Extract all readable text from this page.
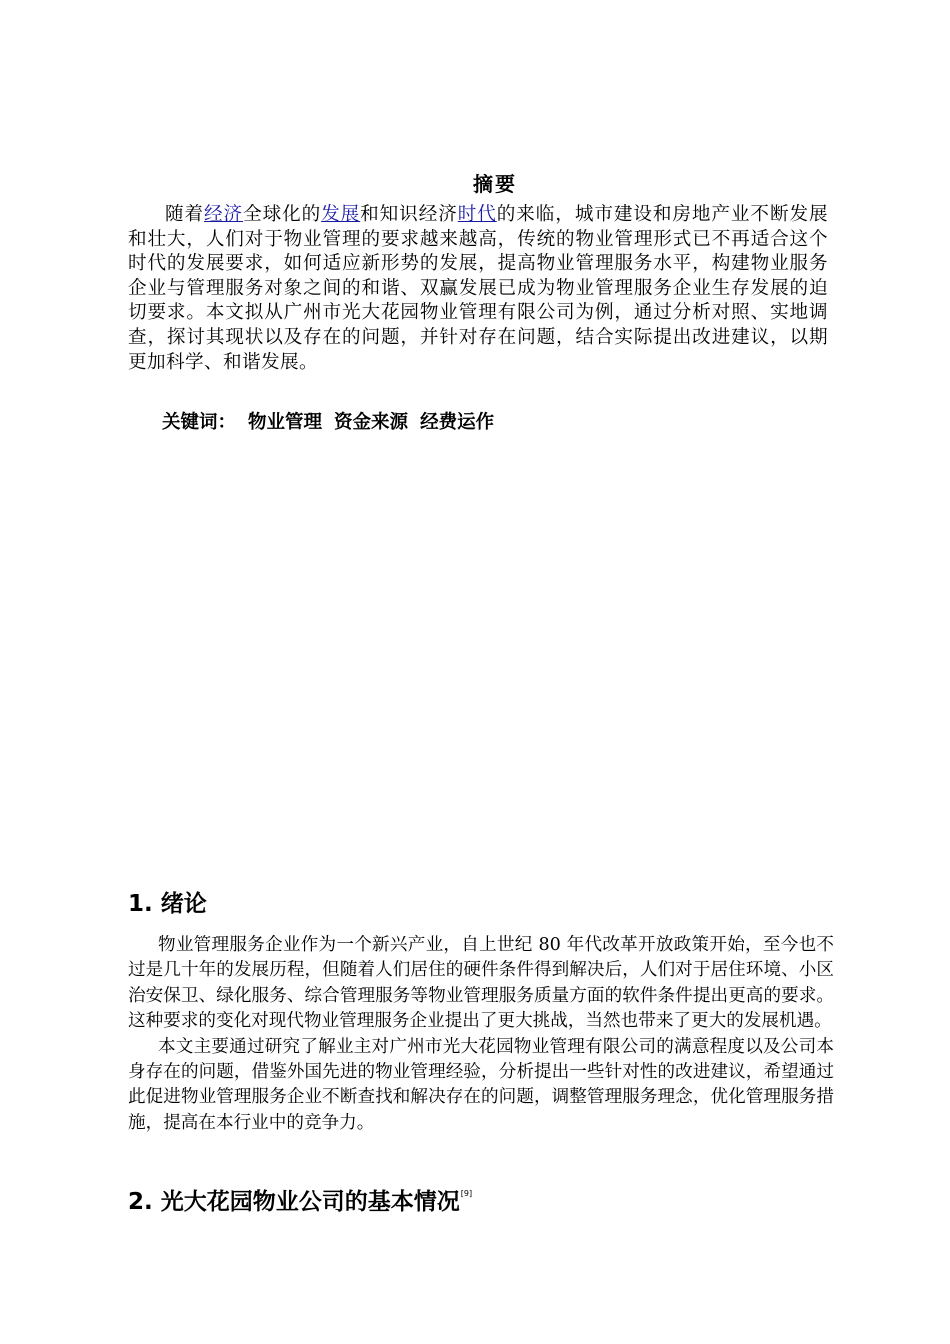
摘要

随着经济全球化的发展和知识经济时代的来临，城市建设和房地产业不断发展和壮大，人们对于物业管理的要求越来越高，传统的物业管理形式已不再适合这个时代的发展要求，如何适应新形势的发展，提高物业管理服务水平，构建物业服务企业与管理服务对象之间的和谐、双赢发展已成为物业管理服务企业生存发展的迫切要求。本文拟从广州市光大花园物业管理有限公司为例，通过分析对照、实地调查，探讨其现状以及存在的问题，并针对存在问题，结合实际提出改进建议，以期更加科学、和谐发展。

关键词： 物业管理 资金来源 经费运作
1. 绪论

物业管理服务企业作为一个新兴产业，自上世纪 80 年代改革开放政策开始，至今也不过是几十年的发展历程，但随着人们居住的硬件条件得到解决后，人们对于居住环境、小区治安保卫、绿化服务、综合管理服务等物业管理服务质量方面的软件条件提出更高的要求。这种要求的变化对现代物业管理服务企业提出了更大挑战，当然也带来了更大的发展机遇。

本文主要通过研究了解业主对广州市光大花园物业管理有限公司的满意程度以及公司本身存在的问题，借鉴外国先进的物业管理经验，分析提出一些针对性的改进建议，希望通过此促进物业管理服务企业不断查找和解决存在的问题，调整管理服务理念，优化管理服务措施，提高在本行业中的竞争力。

2. 光大花园物业公司的基本情况[9]
